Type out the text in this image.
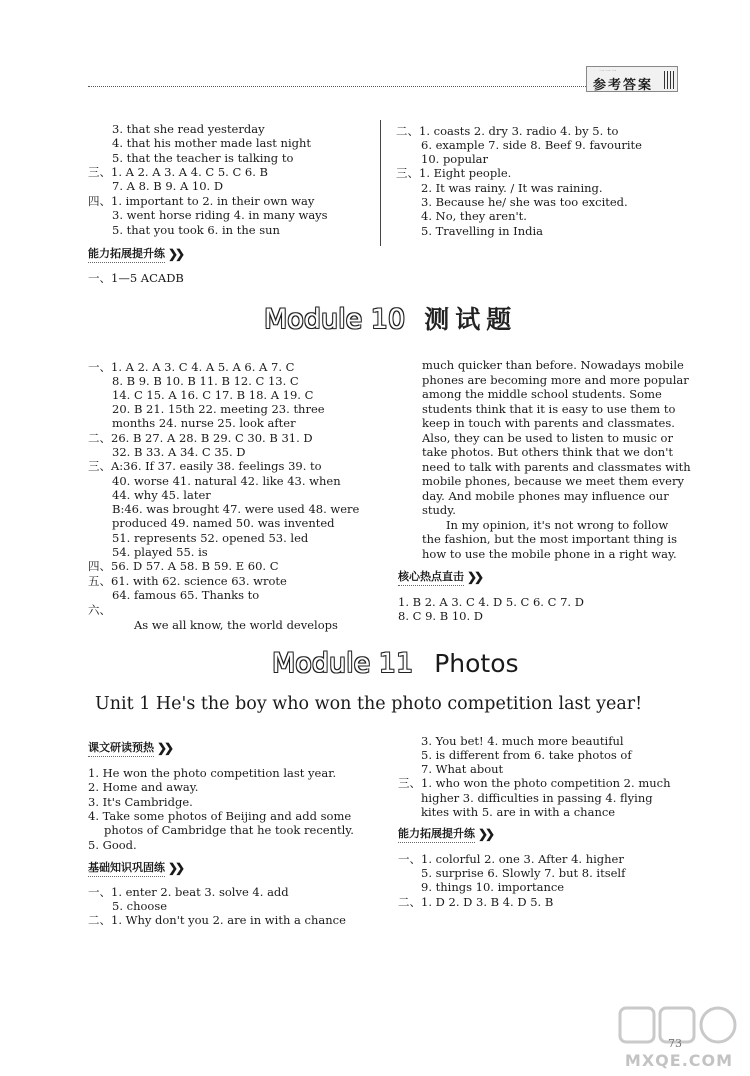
一一一
参考答案
3. that she read yesterday
4. that his mother made last night
5. that the teacher is talking to
三、1. A 2. A 3. A 4. C 5. C 6. B
7. A 8. B 9. A 10. D
四、1. important to 2. in their own way
3. went horse riding 4. in many ways
5. that you took 6. in the sun
能力拓展提升练 ❯❯
一、1—5 ACADB
二、1. coasts 2. dry 3. radio 4. by 5. to
6. example 7. side 8. Beef 9. favourite
10. popular
三、1. Eight people.
2. It was rainy. / It was raining.
3. Because he/ she was too excited.
4. No, they aren't.
5. Travelling in India
Module 10 测试题
一、1. A 2. A 3. C 4. A 5. A 6. A 7. C
8. B 9. B 10. B 11. B 12. C 13. C
14. C 15. A 16. C 17. B 18. A 19. C
20. B 21. 15th 22. meeting 23. three
months 24. nurse 25. look after
二、26. B 27. A 28. B 29. C 30. B 31. D
32. B 33. A 34. C 35. D
三、A:36. If 37. easily 38. feelings 39. to
40. worse 41. natural 42. like 43. when
44. why 45. later
B:46. was brought 47. were used 48. were
produced 49. named 50. was invented
51. represents 52. opened 53. led
54. played 55. is
四、56. D 57. A 58. B 59. E 60. C
五、61. with 62. science 63. wrote
64. famous 65. Thanks to
六、
As we all know, the world develops
much quicker than before. Nowadays mobile
phones are becoming more and more popular
among the middle school students. Some
students think that it is easy to use them to
keep in touch with parents and classmates.
Also, they can be used to listen to music or
take photos. But others think that we don't
need to talk with parents and classmates with
mobile phones, because we meet them every
day. And mobile phones may influence our
study.
In my opinion, it's not wrong to follow
the fashion, but the most important thing is
how to use the mobile phone in a right way.
核心热点直击 ❯❯
1. B 2. A 3. C 4. D 5. C 6. C 7. D
8. C 9. B 10. D
Module 11 Photos
Unit 1 He's the boy who won the photo competition last year!
课文研读预热 ❯❯
1. He won the photo competition last year.
2. Home and away.
3. It's Cambridge.
4. Take some photos of Beijing and add some
photos of Cambridge that he took recently.
5. Good.
基础知识巩固练 ❯❯
一、1. enter 2. beat 3. solve 4. add
5. choose
二、1. Why don't you 2. are in with a chance
3. You bet! 4. much more beautiful
5. is different from 6. take photos of
7. What about
三、1. who won the photo competition 2. much
higher 3. difficulties in passing 4. flying
kites with 5. are in with a chance
能力拓展提升练 ❯❯
一、1. colorful 2. one 3. After 4. higher
5. surprise 6. Slowly 7. but 8. itself
9. things 10. importance
二、1. D 2. D 3. B 4. D 5. B
73
MXQE.COM
